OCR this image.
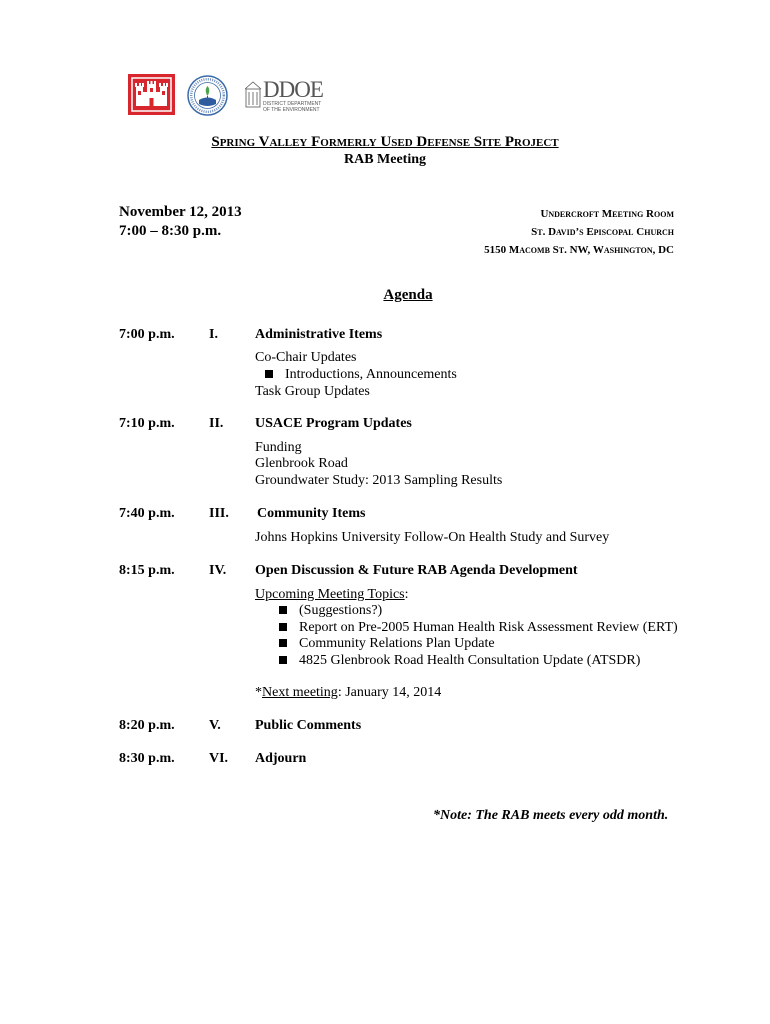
DDOE
DISTRICT DEPARTMENT
OF THE ENVIRONMENT
Spring Valley Formerly Used Defense Site Project
RAB Meeting
November 12, 2013
7:00 – 8:30 p.m.
Undercroft Meeting Room
St. David’s Episcopal Church
5150 Macomb St. NW, Washington, DC
Agenda
7:00 p.m. I.	Administrative Items
Co-Chair Updates
Introductions, Announcements
Task Group Updates
7:10 p.m. II. USACE Program Updates
Funding
Glenbrook Road
Groundwater Study: 2013 Sampling Results
7:40 p.m. III. Community Items
Johns Hopkins University Follow-On Health Study and Survey
8:15 p.m. IV. Open Discussion & Future RAB Agenda Development
Upcoming Meeting Topics:
(Suggestions?)
Report on Pre-2005 Human Health Risk Assessment Review (ERT)
Community Relations Plan Update
4825 Glenbrook Road Health Consultation Update (ATSDR)
*Next meeting: January 14, 2014
8:20 p.m. V. Public Comments
8:30 p.m. VI. Adjourn
*Note: The RAB meets every odd month.
